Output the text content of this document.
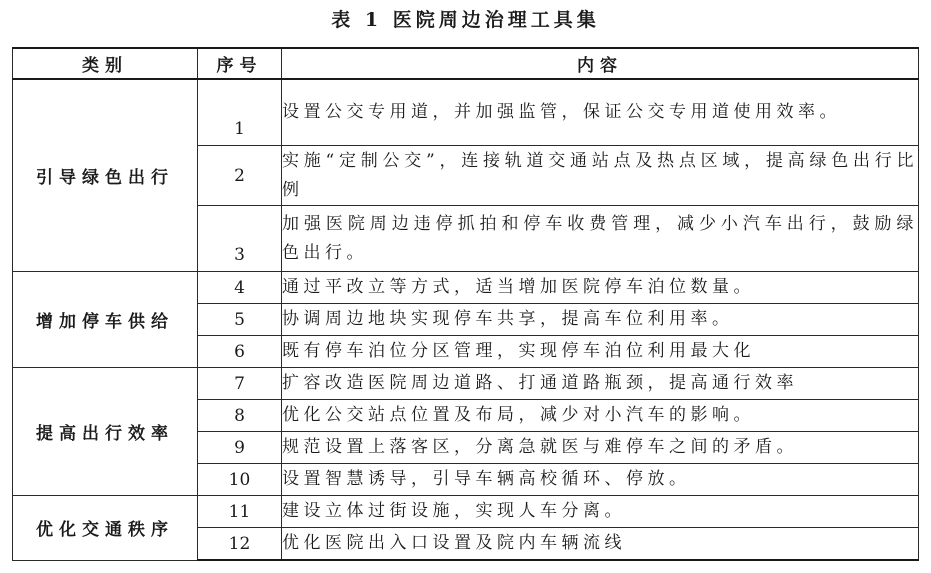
表 1 医院周边治理工具集
类别	序号	内容
引导绿色出行	1	设置公交专用道，并加强监管，保证公交专用道使用效率。
	2	实施“定制公交”，连接轨道交通站点及热点区域，提高绿色出行比例
	3	加强医院周边违停抓拍和停车收费管理，减少小汽车出行，鼓励绿色出行。
增加停车供给	4	通过平改立等方式，适当增加医院停车泊位数量。
	5	协调周边地块实现停车共享，提高车位利用率。
	6	既有停车泊位分区管理，实现停车泊位利用最大化
提高出行效率	7	扩容改造医院周边道路、打通道路瓶颈，提高通行效率
	8	优化公交站点位置及布局，减少对小汽车的影响。
	9	规范设置上落客区，分离急就医与难停车之间的矛盾。
	10	设置智慧诱导，引导车辆高校循环、停放。
优化交通秩序	11	建设立体过街设施，实现人车分离。
	12	优化医院出入口设置及院内车辆流线
